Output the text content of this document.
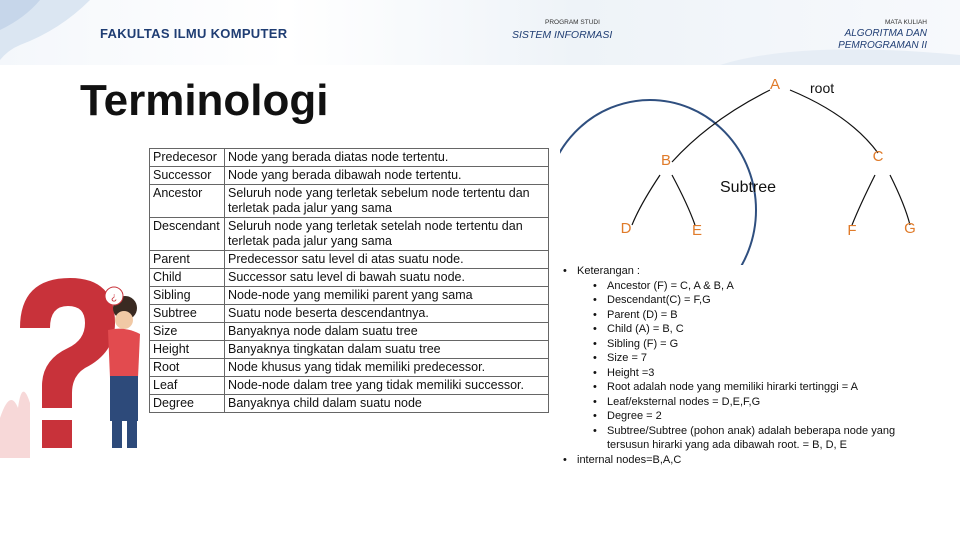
FAKULTAS ILMU KOMPUTER
PROGRAM STUDI
SISTEM INFORMASI
MATA KULIAH
ALGORITMA DAN
PEMROGRAMAN II
Terminologi
¿
Predecesor	Node yang berada diatas node tertentu.
Successor	Node yang berada dibawah node tertentu.
Ancestor	Seluruh node yang terletak sebelum node tertentu dan terletak pada jalur yang sama
Descendant	Seluruh node yang terletak setelah node tertentu dan terletak pada jalur yang sama
Parent	Predecessor satu level di atas suatu node.
Child	Successor satu level di bawah suatu node.
Sibling	Node-node yang memiliki parent yang sama
Subtree	Suatu node beserta descendantnya.
Size	Banyaknya node dalam suatu tree
Height	Banyaknya tingkatan dalam suatu tree
Root	Node khusus yang tidak memiliki predecessor.
Leaf	Node-node dalam tree yang tidak memiliki successor.
Degree	Banyaknya child dalam suatu node
A
B	C
D	E	F	G
root
Subtree
• Keterangan :
• Ancestor (F) = C, A & B, A
• Descendant(C) = F,G
• Parent (D) = B
• Child (A) = B, C
• Sibling (F) = G
• Size = 7
• Height =3
• Root adalah node yang memiliki hirarki tertinggi = A
• Leaf/eksternal nodes = D,E,F,G
• Degree = 2
• Subtree/Subtree (pohon anak) adalah beberapa node yang tersusun hirarki yang ada dibawah root. = B, D, E
• internal nodes=B,A,C
